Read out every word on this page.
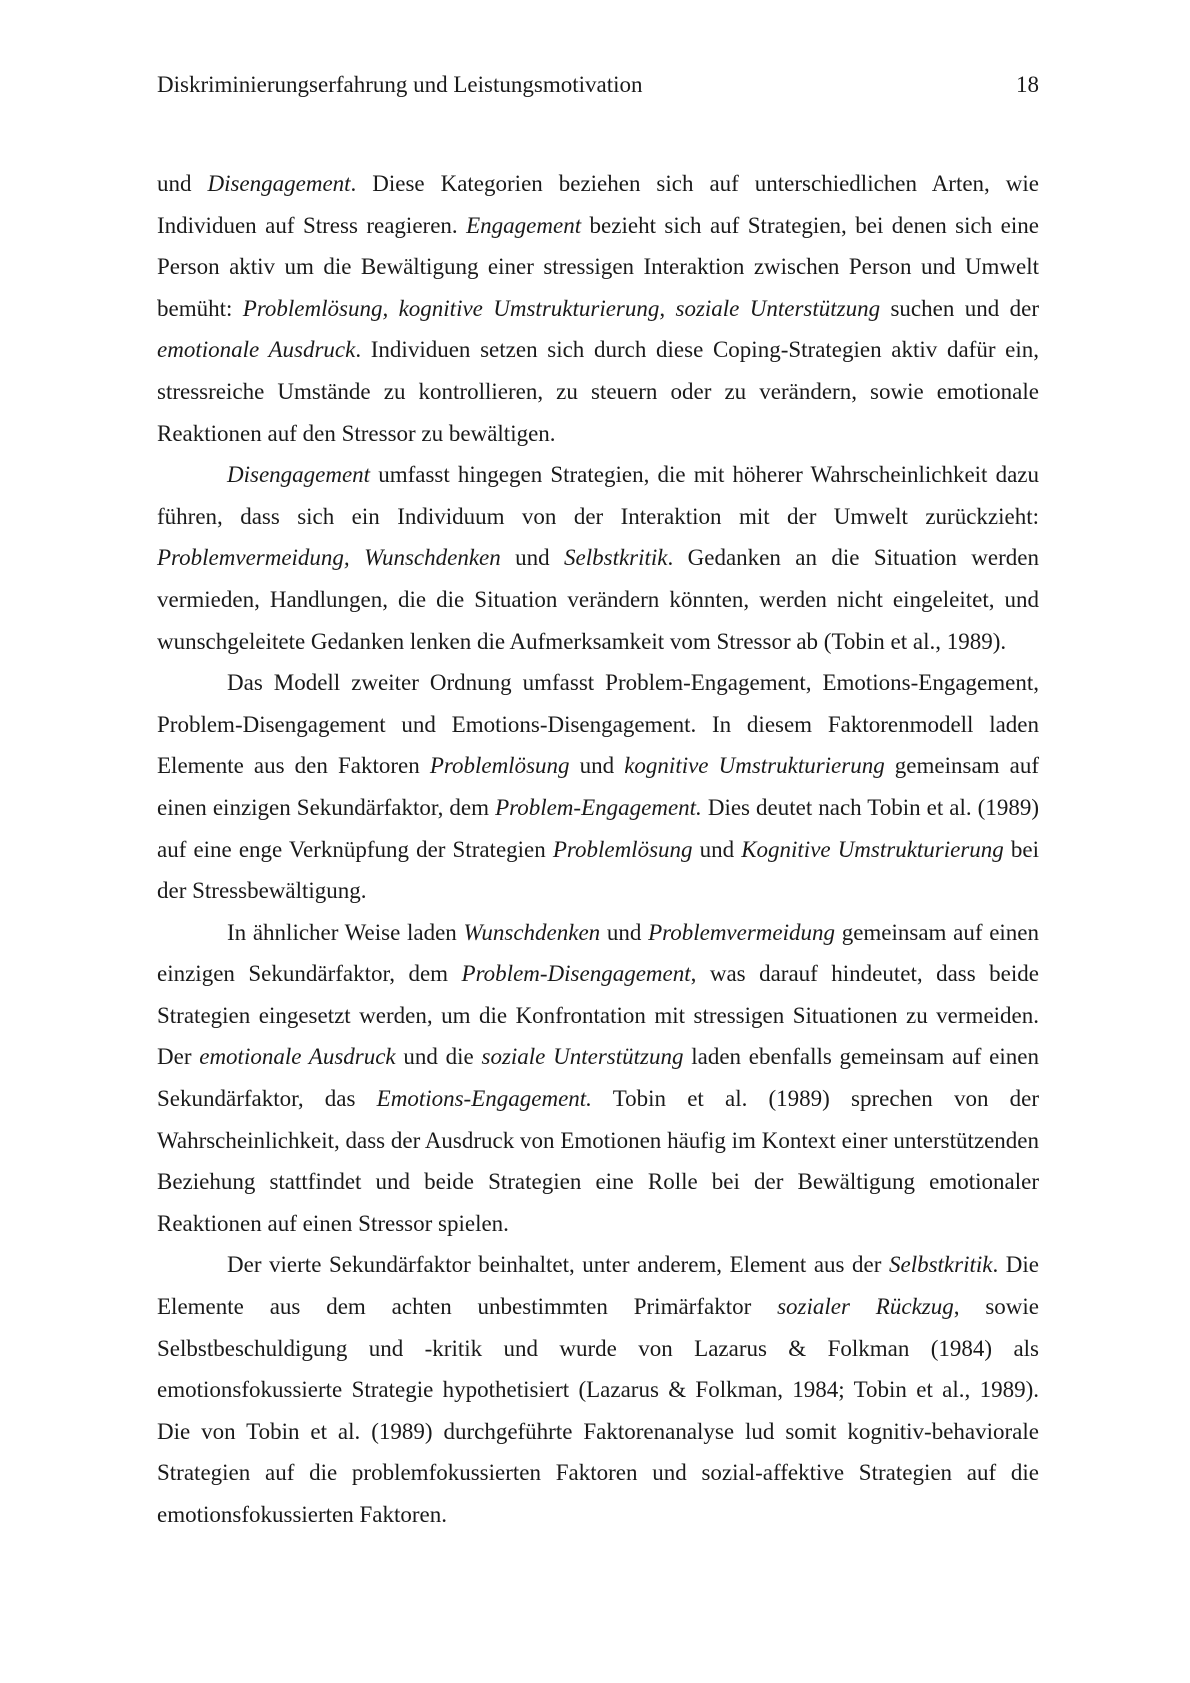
Diskriminierungserfahrung und Leistungsmotivation	18

und Disengagement. Diese Kategorien beziehen sich auf unterschiedlichen Arten, wie Individuen auf Stress reagieren. Engagement bezieht sich auf Strategien, bei denen sich eine Person aktiv um die Bewältigung einer stressigen Interaktion zwischen Person und Umwelt bemüht: Problemlösung, kognitive Umstrukturierung, soziale Unterstützung suchen und der emotionale Ausdruck. Individuen setzen sich durch diese Coping-Strategien aktiv dafür ein, stressreiche Umstände zu kontrollieren, zu steuern oder zu verändern, sowie emotionale Reaktionen auf den Stressor zu bewältigen.

Disengagement umfasst hingegen Strategien, die mit höherer Wahrscheinlichkeit dazu führen, dass sich ein Individuum von der Interaktion mit der Umwelt zurückzieht: Problemvermeidung, Wunschdenken und Selbstkritik. Gedanken an die Situation werden vermieden, Handlungen, die die Situation verändern könnten, werden nicht eingeleitet, und wunschgeleitete Gedanken lenken die Aufmerksamkeit vom Stressor ab (Tobin et al., 1989).

Das Modell zweiter Ordnung umfasst Problem-Engagement, Emotions-Engagement, Problem-Disengagement und Emotions-Disengagement. In diesem Faktorenmodell laden Elemente aus den Faktoren Problemlösung und kognitive Umstrukturierung gemeinsam auf einen einzigen Sekundärfaktor, dem Problem-Engagement. Dies deutet nach Tobin et al. (1989) auf eine enge Verknüpfung der Strategien Problemlösung und Kognitive Umstrukturierung bei der Stressbewältigung.

In ähnlicher Weise laden Wunschdenken und Problemvermeidung gemeinsam auf einen einzigen Sekundärfaktor, dem Problem-Disengagement, was darauf hindeutet, dass beide Strategien eingesetzt werden, um die Konfrontation mit stressigen Situationen zu vermeiden. Der emotionale Ausdruck und die soziale Unterstützung laden ebenfalls gemeinsam auf einen Sekundärfaktor, das Emotions-Engagement. Tobin et al. (1989) sprechen von der Wahrscheinlichkeit, dass der Ausdruck von Emotionen häufig im Kontext einer unterstützenden Beziehung stattfindet und beide Strategien eine Rolle bei der Bewältigung emotionaler Reaktionen auf einen Stressor spielen.

Der vierte Sekundärfaktor beinhaltet, unter anderem, Element aus der Selbstkritik. Die Elemente aus dem achten unbestimmten Primärfaktor sozialer Rückzug, sowie Selbstbeschuldigung und -kritik und wurde von Lazarus & Folkman (1984) als emotionsfokussierte Strategie hypothetisiert (Lazarus & Folkman, 1984; Tobin et al., 1989). Die von Tobin et al. (1989) durchgeführte Faktorenanalyse lud somit kognitiv-behaviorale Strategien auf die problemfokussierten Faktoren und sozial-affektive Strategien auf die emotionsfokussierten Faktoren.
